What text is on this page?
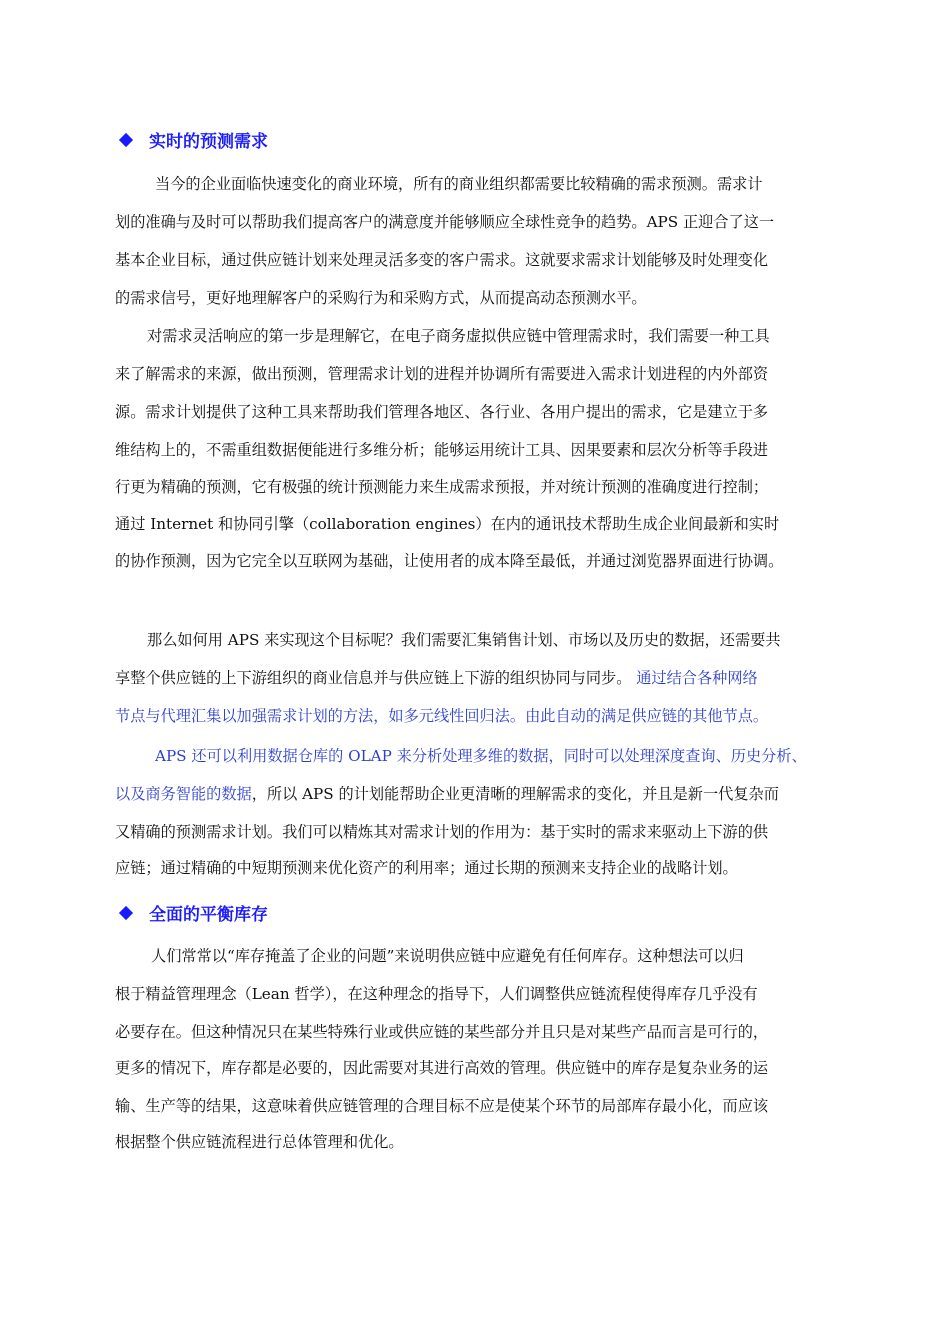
实时的预测需求
当今的企业面临快速变化的商业环境，所有的商业组织都需要比较精确的需求预测。需求计
划的准确与及时可以帮助我们提高客户的满意度并能够顺应全球性竞争的趋势。APS 正迎合了这一
基本企业目标，通过供应链计划来处理灵活多变的客户需求。这就要求需求计划能够及时处理变化
的需求信号，更好地理解客户的采购行为和采购方式，从而提高动态预测水平。
对需求灵活响应的第一步是理解它，在电子商务虚拟供应链中管理需求时，我们需要一种工具
来了解需求的来源，做出预测，管理需求计划的进程并协调所有需要进入需求计划进程的内外部资
源。需求计划提供了这种工具来帮助我们管理各地区、各行业、各用户提出的需求，它是建立于多
维结构上的，不需重组数据便能进行多维分析；能够运用统计工具、因果要素和层次分析等手段进
行更为精确的预测，它有极强的统计预测能力来生成需求预报，并对统计预测的准确度进行控制；
通过 Internet 和协同引擎（collaboration engines）在内的通讯技术帮助生成企业间最新和实时
的协作预测，因为它完全以互联网为基础，让使用者的成本降至最低，并通过浏览器界面进行协调。
那么如何用 APS 来实现这个目标呢？我们需要汇集销售计划、市场以及历史的数据，还需要共
享整个供应链的上下游组织的商业信息并与供应链上下游的组织协同与同步。 通过结合各种网络
节点与代理汇集以加强需求计划的方法，如多元线性回归法。由此自动的满足供应链的其他节点。
APS 还可以利用数据仓库的 OLAP 来分析处理多维的数据，同时可以处理深度查询、历史分析、
以及商务智能的数据，所以 APS 的计划能帮助企业更清晰的理解需求的变化，并且是新一代复杂而
又精确的预测需求计划。我们可以精炼其对需求计划的作用为：基于实时的需求来驱动上下游的供
应链；通过精确的中短期预测来优化资产的利用率；通过长期的预测来支持企业的战略计划。
全面的平衡库存
人们常常以“库存掩盖了企业的问题”来说明供应链中应避免有任何库存。这种想法可以归
根于精益管理理念（Lean 哲学），在这种理念的指导下，人们调整供应链流程使得库存几乎没有
必要存在。但这种情况只在某些特殊行业或供应链的某些部分并且只是对某些产品而言是可行的，
更多的情况下，库存都是必要的，因此需要对其进行高效的管理。供应链中的库存是复杂业务的运
输、生产等的结果，这意味着供应链管理的合理目标不应是使某个环节的局部库存最小化，而应该
根据整个供应链流程进行总体管理和优化。
